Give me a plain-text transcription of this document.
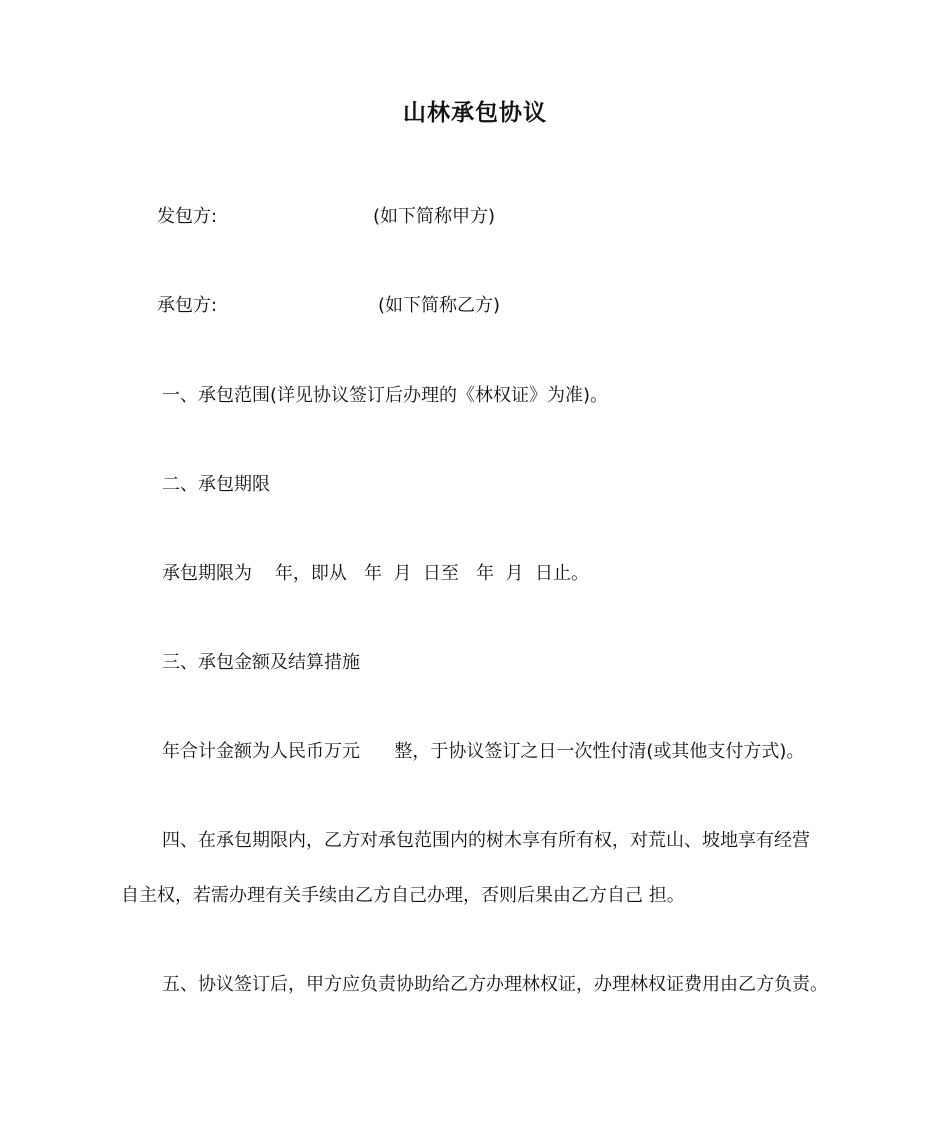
山林承包协议
发包方:	(如下简称甲方)
承包方:	(如下简称乙方)
一、承包范围(详见协议签订后办理的《林权证》为准)。
二、承包期限
承包期限为    年，即从   年  月  日至   年  月  日止。
三、承包金额及结算措施
年合计金额为人民币万元      整，于协议签订之日一次性付清(或其他支付方式)。
四、在承包期限内，乙方对承包范围内的树木享有所有权，对荒山、坡地享有经营
自主权，若需办理有关手续由乙方自己办理，否则后果由乙方自己 担。
五、协议签订后，甲方应负责协助给乙方办理林权证，办理林权证费用由乙方负责。
